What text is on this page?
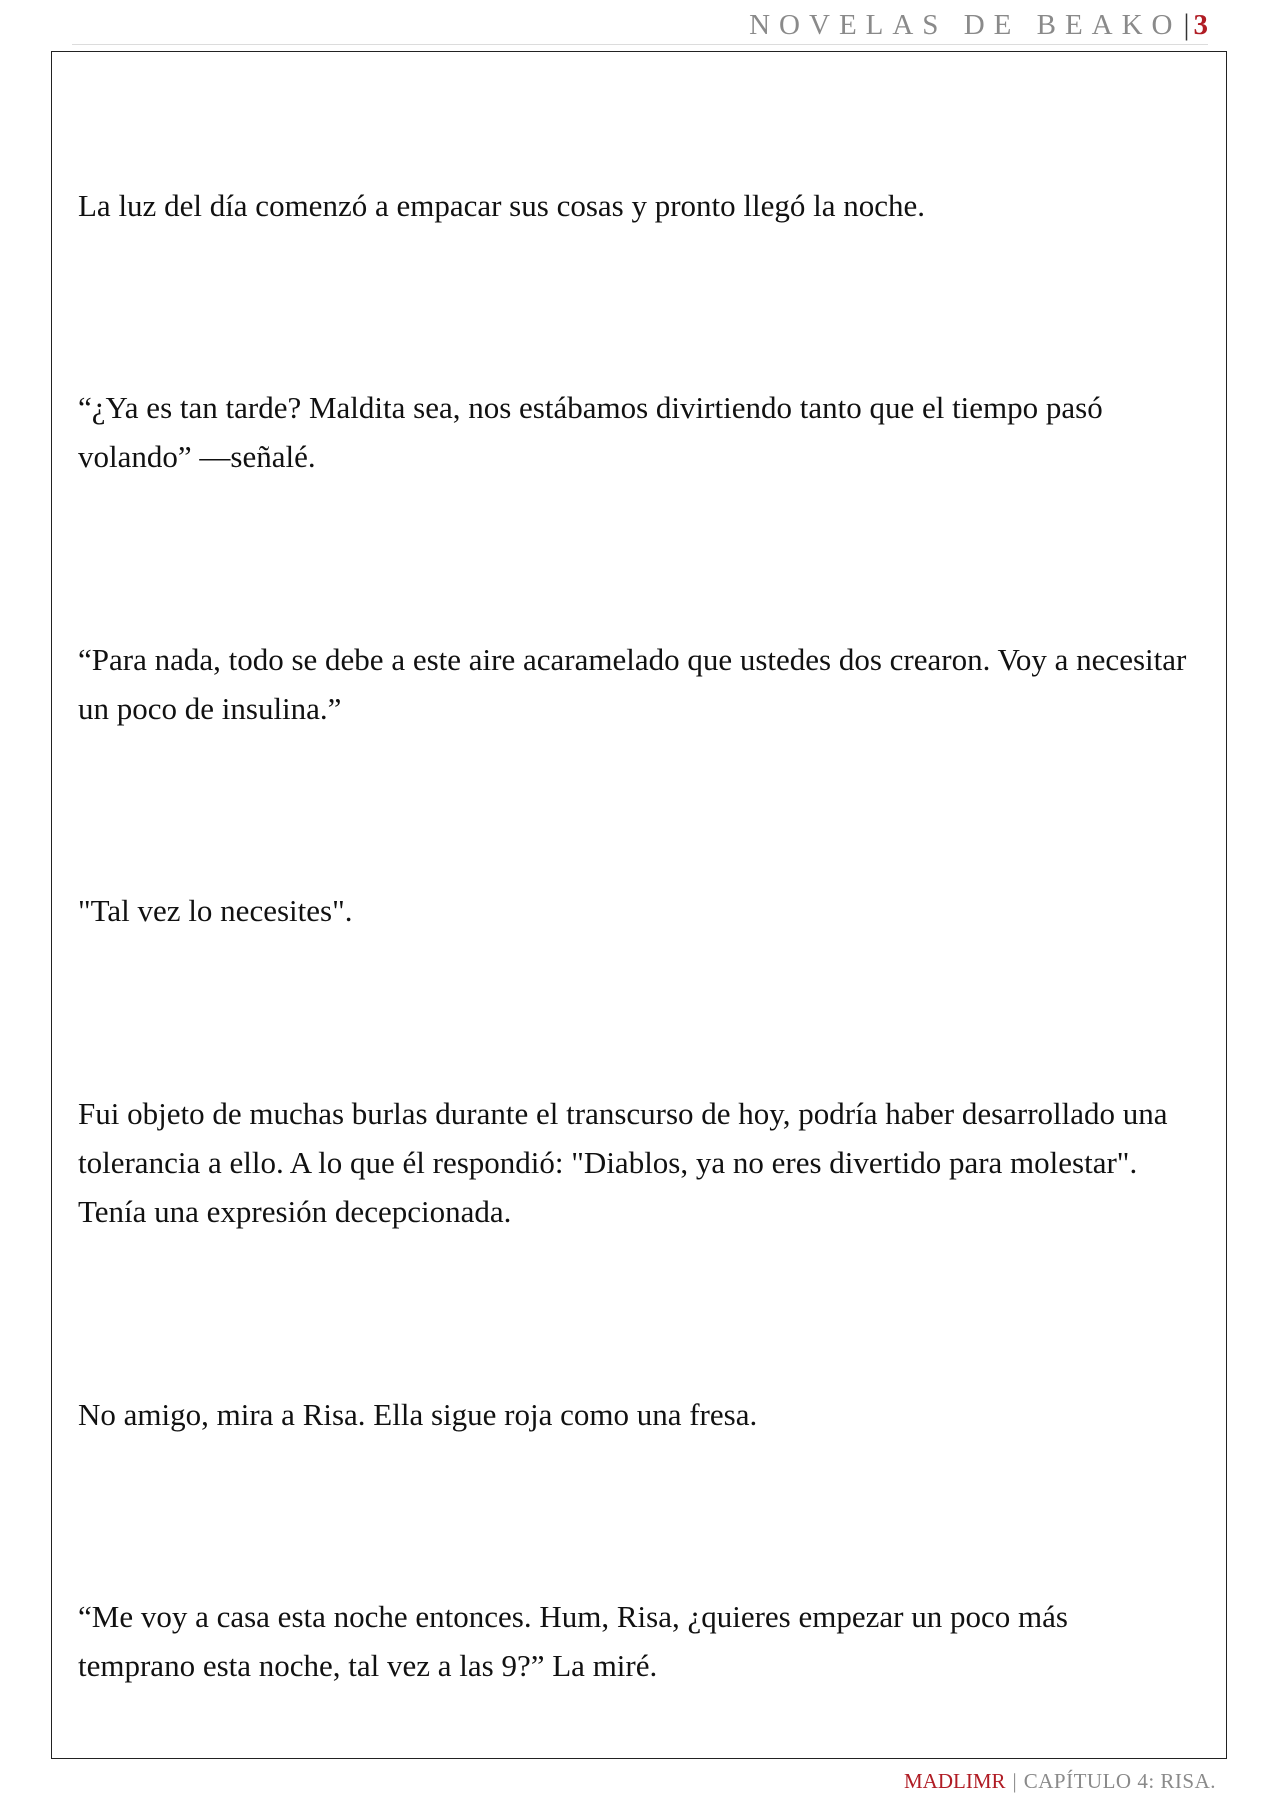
NOVELAS DE BEAKO | 3

La luz del día comenzó a empacar sus cosas y pronto llegó la noche.

“¿Ya es tan tarde? Maldita sea, nos estábamos divirtiendo tanto que el tiempo pasó volando” —señalé.

“Para nada, todo se debe a este aire acaramelado que ustedes dos crearon. Voy a necesitar un poco de insulina.”

"Tal vez lo necesites".

Fui objeto de muchas burlas durante el transcurso de hoy, podría haber desarrollado una tolerancia a ello. A lo que él respondió: "Diablos, ya no eres divertido para molestar". Tenía una expresión decepcionada.

No amigo, mira a Risa. Ella sigue roja como una fresa.

“Me voy a casa esta noche entonces. Hum, Risa, ¿quieres empezar un poco más temprano esta noche, tal vez a las 9?” La miré.

MADLIMR | CAPÍTULO 4: RISA.
